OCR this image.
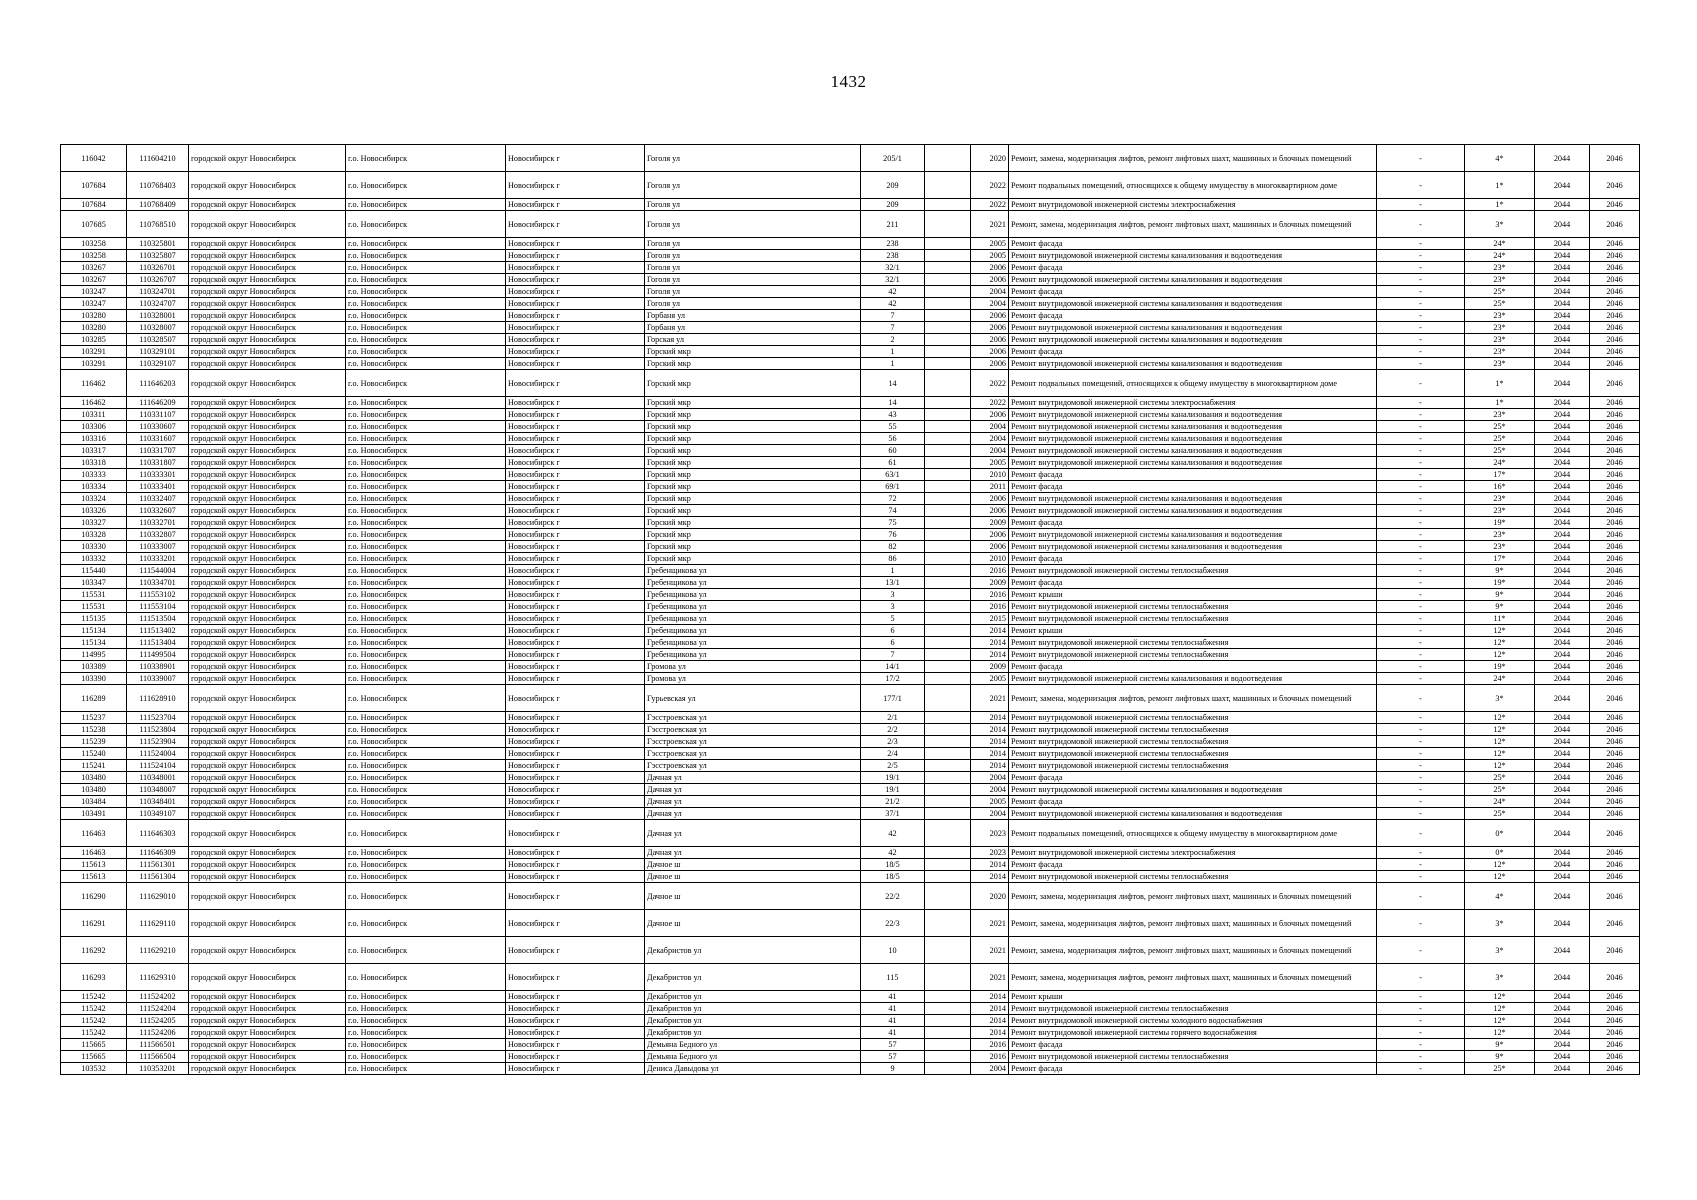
1432
116042	111604210	городской округ Новосибирск	г.о. Новосибирск	Новосибирск г	Гоголя ул	205/1		2020	Ремонт, замена, модернизация лифтов, ремонт лифтовых шахт, машинных и блочных помещений	-	4*	2044	2046
107684	110768403	городской округ Новосибирск	г.о. Новосибирск	Новосибирск г	Гоголя ул	209		2022	Ремонт подвальных помещений, относящихся к общему имуществу в многоквартирном доме	-	1*	2044	2046
107684	110768409	городской округ Новосибирск	г.о. Новосибирск	Новосибирск г	Гоголя ул	209		2022	Ремонт внутридомовой инженерной системы электроснабжения	-	1*	2044	2046
107685	110768510	городской округ Новосибирск	г.о. Новосибирск	Новосибирск г	Гоголя ул	211		2021	Ремонт, замена, модернизация лифтов, ремонт лифтовых шахт, машинных и блочных помещений	-	3*	2044	2046
103258	110325801	городской округ Новосибирск	г.о. Новосибирск	Новосибирск г	Гоголя ул	238		2005	Ремонт фасада	-	24*	2044	2046
103258	110325807	городской округ Новосибирск	г.о. Новосибирск	Новосибирск г	Гоголя ул	238		2005	Ремонт внутридомовой инженерной системы канализования и водоотведения	-	24*	2044	2046
103267	110326701	городской округ Новосибирск	г.о. Новосибирск	Новосибирск г	Гоголя ул	32/1		2006	Ремонт фасада	-	23*	2044	2046
103267	110326707	городской округ Новосибирск	г.о. Новосибирск	Новосибирск г	Гоголя ул	32/1		2006	Ремонт внутридомовой инженерной системы канализования и водоотведения	-	23*	2044	2046
103247	110324701	городской округ Новосибирск	г.о. Новосибирск	Новосибирск г	Гоголя ул	42		2004	Ремонт фасада	-	25*	2044	2046
103247	110324707	городской округ Новосибирск	г.о. Новосибирск	Новосибирск г	Гоголя ул	42		2004	Ремонт внутридомовой инженерной системы канализования и водоотведения	-	25*	2044	2046
103280	110328001	городской округ Новосибирск	г.о. Новосибирск	Новосибирск г	Горбаня ул	7		2006	Ремонт фасада	-	23*	2044	2046
103280	110328007	городской округ Новосибирск	г.о. Новосибирск	Новосибирск г	Горбаня ул	7		2006	Ремонт внутридомовой инженерной системы канализования и водоотведения	-	23*	2044	2046
103285	110328507	городской округ Новосибирск	г.о. Новосибирск	Новосибирск г	Горская ул	2		2006	Ремонт внутридомовой инженерной системы канализования и водоотведения	-	23*	2044	2046
103291	110329101	городской округ Новосибирск	г.о. Новосибирск	Новосибирск г	Горский мкр	1		2006	Ремонт фасада	-	23*	2044	2046
103291	110329107	городской округ Новосибирск	г.о. Новосибирск	Новосибирск г	Горский мкр	1		2006	Ремонт внутридомовой инженерной системы канализования и водоотведения	-	23*	2044	2046
116462	111646203	городской округ Новосибирск	г.о. Новосибирск	Новосибирск г	Горский мкр	14		2022	Ремонт подвальных помещений, относящихся к общему имуществу в многоквартирном доме	-	1*	2044	2046
116462	111646209	городской округ Новосибирск	г.о. Новосибирск	Новосибирск г	Горский мкр	14		2022	Ремонт внутридомовой инженерной системы электроснабжения	-	1*	2044	2046
103311	110331107	городской округ Новосибирск	г.о. Новосибирск	Новосибирск г	Горский мкр	43		2006	Ремонт внутридомовой инженерной системы канализования и водоотведения	-	23*	2044	2046
103306	110330607	городской округ Новосибирск	г.о. Новосибирск	Новосибирск г	Горский мкр	55		2004	Ремонт внутридомовой инженерной системы канализования и водоотведения	-	25*	2044	2046
103316	110331607	городской округ Новосибирск	г.о. Новосибирск	Новосибирск г	Горский мкр	56		2004	Ремонт внутридомовой инженерной системы канализования и водоотведения	-	25*	2044	2046
103317	110331707	городской округ Новосибирск	г.о. Новосибирск	Новосибирск г	Горский мкр	60		2004	Ремонт внутридомовой инженерной системы канализования и водоотведения	-	25*	2044	2046
103318	110331807	городской округ Новосибирск	г.о. Новосибирск	Новосибирск г	Горский мкр	61		2005	Ремонт внутридомовой инженерной системы канализования и водоотведения	-	24*	2044	2046
103333	110333301	городской округ Новосибирск	г.о. Новосибирск	Новосибирск г	Горский мкр	63/1		2010	Ремонт фасада	-	17*	2044	2046
103334	110333401	городской округ Новосибирск	г.о. Новосибирск	Новосибирск г	Горский мкр	69/1		2011	Ремонт фасада	-	16*	2044	2046
103324	110332407	городской округ Новосибирск	г.о. Новосибирск	Новосибирск г	Горский мкр	72		2006	Ремонт внутридомовой инженерной системы канализования и водоотведения	-	23*	2044	2046
103326	110332607	городской округ Новосибирск	г.о. Новосибирск	Новосибирск г	Горский мкр	74		2006	Ремонт внутридомовой инженерной системы канализования и водоотведения	-	23*	2044	2046
103327	110332701	городской округ Новосибирск	г.о. Новосибирск	Новосибирск г	Горский мкр	75		2009	Ремонт фасада	-	19*	2044	2046
103328	110332807	городской округ Новосибирск	г.о. Новосибирск	Новосибирск г	Горский мкр	76		2006	Ремонт внутридомовой инженерной системы канализования и водоотведения	-	23*	2044	2046
103330	110333007	городской округ Новосибирск	г.о. Новосибирск	Новосибирск г	Горский мкр	82		2006	Ремонт внутридомовой инженерной системы канализования и водоотведения	-	23*	2044	2046
103332	110333201	городской округ Новосибирск	г.о. Новосибирск	Новосибирск г	Горский мкр	86		2010	Ремонт фасада	-	17*	2044	2046
115440	111544004	городской округ Новосибирск	г.о. Новосибирск	Новосибирск г	Гребенщикова ул	1		2016	Ремонт внутридомовой инженерной системы теплоснабжения	-	9*	2044	2046
103347	110334701	городской округ Новосибирск	г.о. Новосибирск	Новосибирск г	Гребенщикова ул	13/1		2009	Ремонт фасада	-	19*	2044	2046
115531	111553102	городской округ Новосибирск	г.о. Новосибирск	Новосибирск г	Гребенщикова ул	3		2016	Ремонт крыши	-	9*	2044	2046
115531	111553104	городской округ Новосибирск	г.о. Новосибирск	Новосибирск г	Гребенщикова ул	3		2016	Ремонт внутридомовой инженерной системы теплоснабжения	-	9*	2044	2046
115135	111513504	городской округ Новосибирск	г.о. Новосибирск	Новосибирск г	Гребенщикова ул	5		2015	Ремонт внутридомовой инженерной системы теплоснабжения	-	11*	2044	2046
115134	111513402	городской округ Новосибирск	г.о. Новосибирск	Новосибирск г	Гребенщикова ул	6		2014	Ремонт крыши	-	12*	2044	2046
115134	111513404	городской округ Новосибирск	г.о. Новосибирск	Новосибирск г	Гребенщикова ул	6		2014	Ремонт внутридомовой инженерной системы теплоснабжения	-	12*	2044	2046
114995	111499504	городской округ Новосибирск	г.о. Новосибирск	Новосибирск г	Гребенщикова ул	7		2014	Ремонт внутридомовой инженерной системы теплоснабжения	-	12*	2044	2046
103389	110338901	городской округ Новосибирск	г.о. Новосибирск	Новосибирск г	Громова ул	14/1		2009	Ремонт фасада	-	19*	2044	2046
103390	110339007	городской округ Новосибирск	г.о. Новосибирск	Новосибирск г	Громова ул	17/2		2005	Ремонт внутридомовой инженерной системы канализования и водоотведения	-	24*	2044	2046
116289	111628910	городской округ Новосибирск	г.о. Новосибирск	Новосибирск г	Гурьевская ул	177/1		2021	Ремонт, замена, модернизация лифтов, ремонт лифтовых шахт, машинных и блочных помещений	-	3*	2044	2046
115237	111523704	городской округ Новосибирск	г.о. Новосибирск	Новосибирск г	Гэсстроевская ул	2/1		2014	Ремонт внутридомовой инженерной системы теплоснабжения	-	12*	2044	2046
115238	111523804	городской округ Новосибирск	г.о. Новосибирск	Новосибирск г	Гэсстроевская ул	2/2		2014	Ремонт внутридомовой инженерной системы теплоснабжения	-	12*	2044	2046
115239	111523904	городской округ Новосибирск	г.о. Новосибирск	Новосибирск г	Гэсстроевская ул	2/3		2014	Ремонт внутридомовой инженерной системы теплоснабжения	-	12*	2044	2046
115240	111524004	городской округ Новосибирск	г.о. Новосибирск	Новосибирск г	Гэсстроевская ул	2/4		2014	Ремонт внутридомовой инженерной системы теплоснабжения	-	12*	2044	2046
115241	111524104	городской округ Новосибирск	г.о. Новосибирск	Новосибирск г	Гэсстроевская ул	2/5		2014	Ремонт внутридомовой инженерной системы теплоснабжения	-	12*	2044	2046
103480	110348001	городской округ Новосибирск	г.о. Новосибирск	Новосибирск г	Дачная ул	19/1		2004	Ремонт фасада	-	25*	2044	2046
103480	110348007	городской округ Новосибирск	г.о. Новосибирск	Новосибирск г	Дачная ул	19/1		2004	Ремонт внутридомовой инженерной системы канализования и водоотведения	-	25*	2044	2046
103484	110348401	городской округ Новосибирск	г.о. Новосибирск	Новосибирск г	Дачная ул	21/2		2005	Ремонт фасада	-	24*	2044	2046
103491	110349107	городской округ Новосибирск	г.о. Новосибирск	Новосибирск г	Дачная ул	37/1		2004	Ремонт внутридомовой инженерной системы канализования и водоотведения	-	25*	2044	2046
116463	111646303	городской округ Новосибирск	г.о. Новосибирск	Новосибирск г	Дачная ул	42		2023	Ремонт подвальных помещений, относящихся к общему имуществу в многоквартирном доме	-	0*	2044	2046
116463	111646309	городской округ Новосибирск	г.о. Новосибирск	Новосибирск г	Дачная ул	42		2023	Ремонт внутридомовой инженерной системы электроснабжения	-	0*	2044	2046
115613	111561301	городской округ Новосибирск	г.о. Новосибирск	Новосибирск г	Дачное ш	18/5		2014	Ремонт фасада	-	12*	2044	2046
115613	111561304	городской округ Новосибирск	г.о. Новосибирск	Новосибирск г	Дачное ш	18/5		2014	Ремонт внутридомовой инженерной системы теплоснабжения	-	12*	2044	2046
116290	111629010	городской округ Новосибирск	г.о. Новосибирск	Новосибирск г	Дачное ш	22/2		2020	Ремонт, замена, модернизация лифтов, ремонт лифтовых шахт, машинных и блочных помещений	-	4*	2044	2046
116291	111629110	городской округ Новосибирск	г.о. Новосибирск	Новосибирск г	Дачное ш	22/3		2021	Ремонт, замена, модернизация лифтов, ремонт лифтовых шахт, машинных и блочных помещений	-	3*	2044	2046
116292	111629210	городской округ Новосибирск	г.о. Новосибирск	Новосибирск г	Декабристов ул	10		2021	Ремонт, замена, модернизация лифтов, ремонт лифтовых шахт, машинных и блочных помещений	-	3*	2044	2046
116293	111629310	городской округ Новосибирск	г.о. Новосибирск	Новосибирск г	Декабристов ул	115		2021	Ремонт, замена, модернизация лифтов, ремонт лифтовых шахт, машинных и блочных помещений	-	3*	2044	2046
115242	111524202	городской округ Новосибирск	г.о. Новосибирск	Новосибирск г	Декабристов ул	41		2014	Ремонт крыши	-	12*	2044	2046
115242	111524204	городской округ Новосибирск	г.о. Новосибирск	Новосибирск г	Декабристов ул	41		2014	Ремонт внутридомовой инженерной системы теплоснабжения	-	12*	2044	2046
115242	111524205	городской округ Новосибирск	г.о. Новосибирск	Новосибирск г	Декабристов ул	41		2014	Ремонт внутридомовой инженерной системы холодного водоснабжения	-	12*	2044	2046
115242	111524206	городской округ Новосибирск	г.о. Новосибирск	Новосибирск г	Декабристов ул	41		2014	Ремонт внутридомовой инженерной системы горячего водоснабжения	-	12*	2044	2046
115665	111566501	городской округ Новосибирск	г.о. Новосибирск	Новосибирск г	Демьяна Бедного ул	57		2016	Ремонт фасада	-	9*	2044	2046
115665	111566504	городской округ Новосибирск	г.о. Новосибирск	Новосибирск г	Демьяна Бедного ул	57		2016	Ремонт внутридомовой инженерной системы теплоснабжения	-	9*	2044	2046
103532	110353201	городской округ Новосибирск	г.о. Новосибирск	Новосибирск г	Дениса Давыдова ул	9		2004	Ремонт фасада	-	25*	2044	2046
